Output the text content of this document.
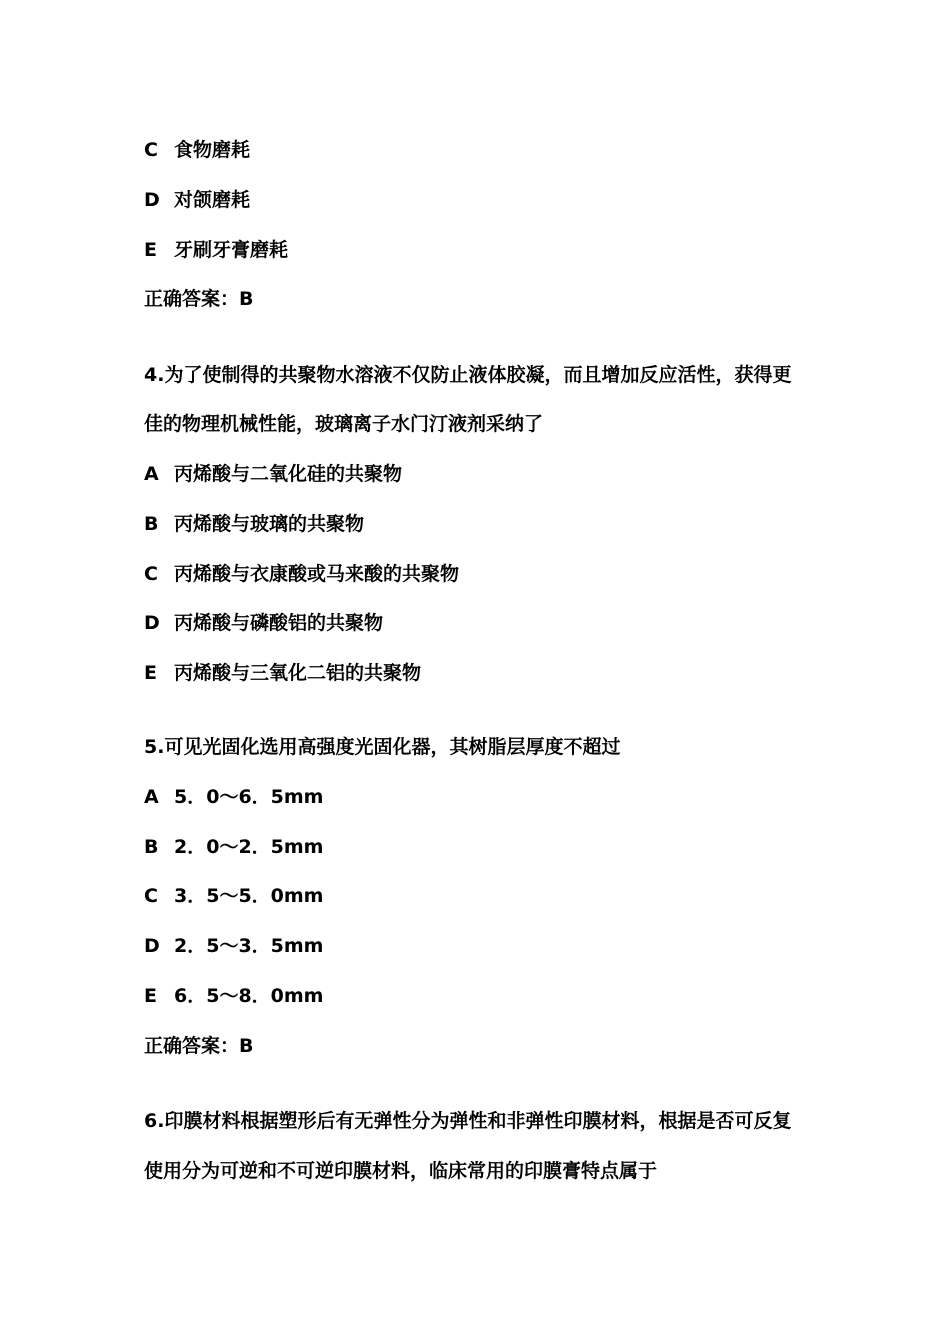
C 食物磨耗
D 对颌磨耗
E 牙刷牙膏磨耗
正确答案：B
4.为了使制得的共聚物水溶液不仅防止液体胶凝，而且增加反应活性，获得更
佳的物理机械性能，玻璃离子水门汀液剂采纳了
A 丙烯酸与二氧化硅的共聚物
B 丙烯酸与玻璃的共聚物
C 丙烯酸与衣康酸或马来酸的共聚物
D 丙烯酸与磷酸铝的共聚物
E 丙烯酸与三氧化二铝的共聚物
5.可见光固化选用高强度光固化器，其树脂层厚度不超过
A 5．0～6．5mm
B 2．0～2．5mm
C 3．5～5．0mm
D 2．5～3．5mm
E 6．5～8．0mm
正确答案：B
6.印膜材料根据塑形后有无弹性分为弹性和非弹性印膜材料，根据是否可反复
使用分为可逆和不可逆印膜材料，临床常用的印膜膏特点属于
